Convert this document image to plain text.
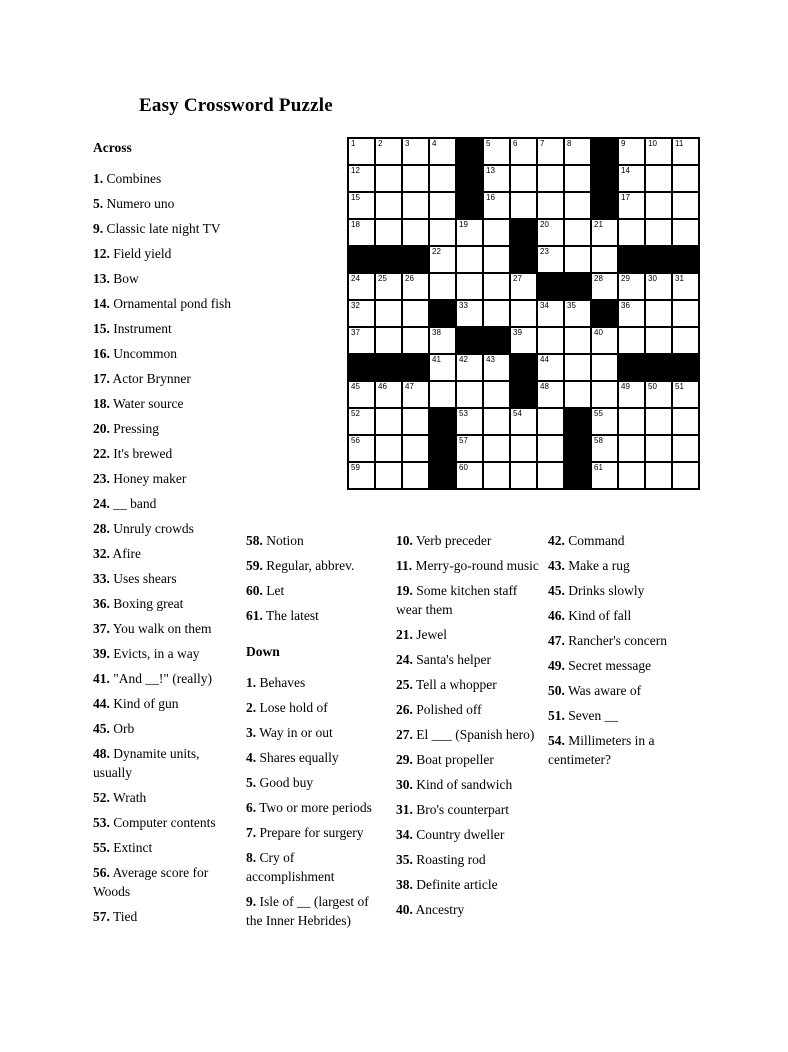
Easy Crossword Puzzle
1	2	3	4	5	6	7	8	9	10 11
12	13	14
15	16	17
18	19	20	21
22	23
24 25 26	27	28 29 30 31
32	33	34 35	36
37	38	39	40
41 42 43	44
45 46 47	48	49 50 51
52	53	54	55
56	57	58
59	60	61

Across

1. Combines

5. Numero uno

9. Classic late night TV

12. Field yield

13. Bow

14. Ornamental pond fish

15. Instrument

16. Uncommon

17. Actor Brynner

18. Water source

20. Pressing

22. It's brewed

23. Honey maker

24. __ band

28. Unruly crowds

32. Afire

33. Uses shears

36. Boxing great

37. You walk on them

39. Evicts, in a way

41. "And __!" (really)

44. Kind of gun

45. Orb

48. Dynamite units, usually

52. Wrath

53. Computer contents

55. Extinct

56. Average score for Woods

57. Tied

58. Notion

59. Regular, abbrev.

60. Let

61. The latest

Down

1. Behaves

2. Lose hold of

3. Way in or out

4. Shares equally

5. Good buy

6. Two or more periods

7. Prepare for surgery

8. Cry of accomplishment

9. Isle of __ (largest of the Inner Hebrides)

10. Verb preceder

11. Merry-go-round music

19. Some kitchen staff wear them

21. Jewel

24. Santa's helper

25. Tell a whopper

26. Polished off

27. El ___ (Spanish hero)

29. Boat propeller

30. Kind of sandwich

31. Bro's counterpart

34. Country dweller

35. Roasting rod

38. Definite article

40. Ancestry

42. Command

43. Make a rug

45. Drinks slowly

46. Kind of fall

47. Rancher's concern

49. Secret message

50. Was aware of

51. Seven __

54. Millimeters in a centimeter?
